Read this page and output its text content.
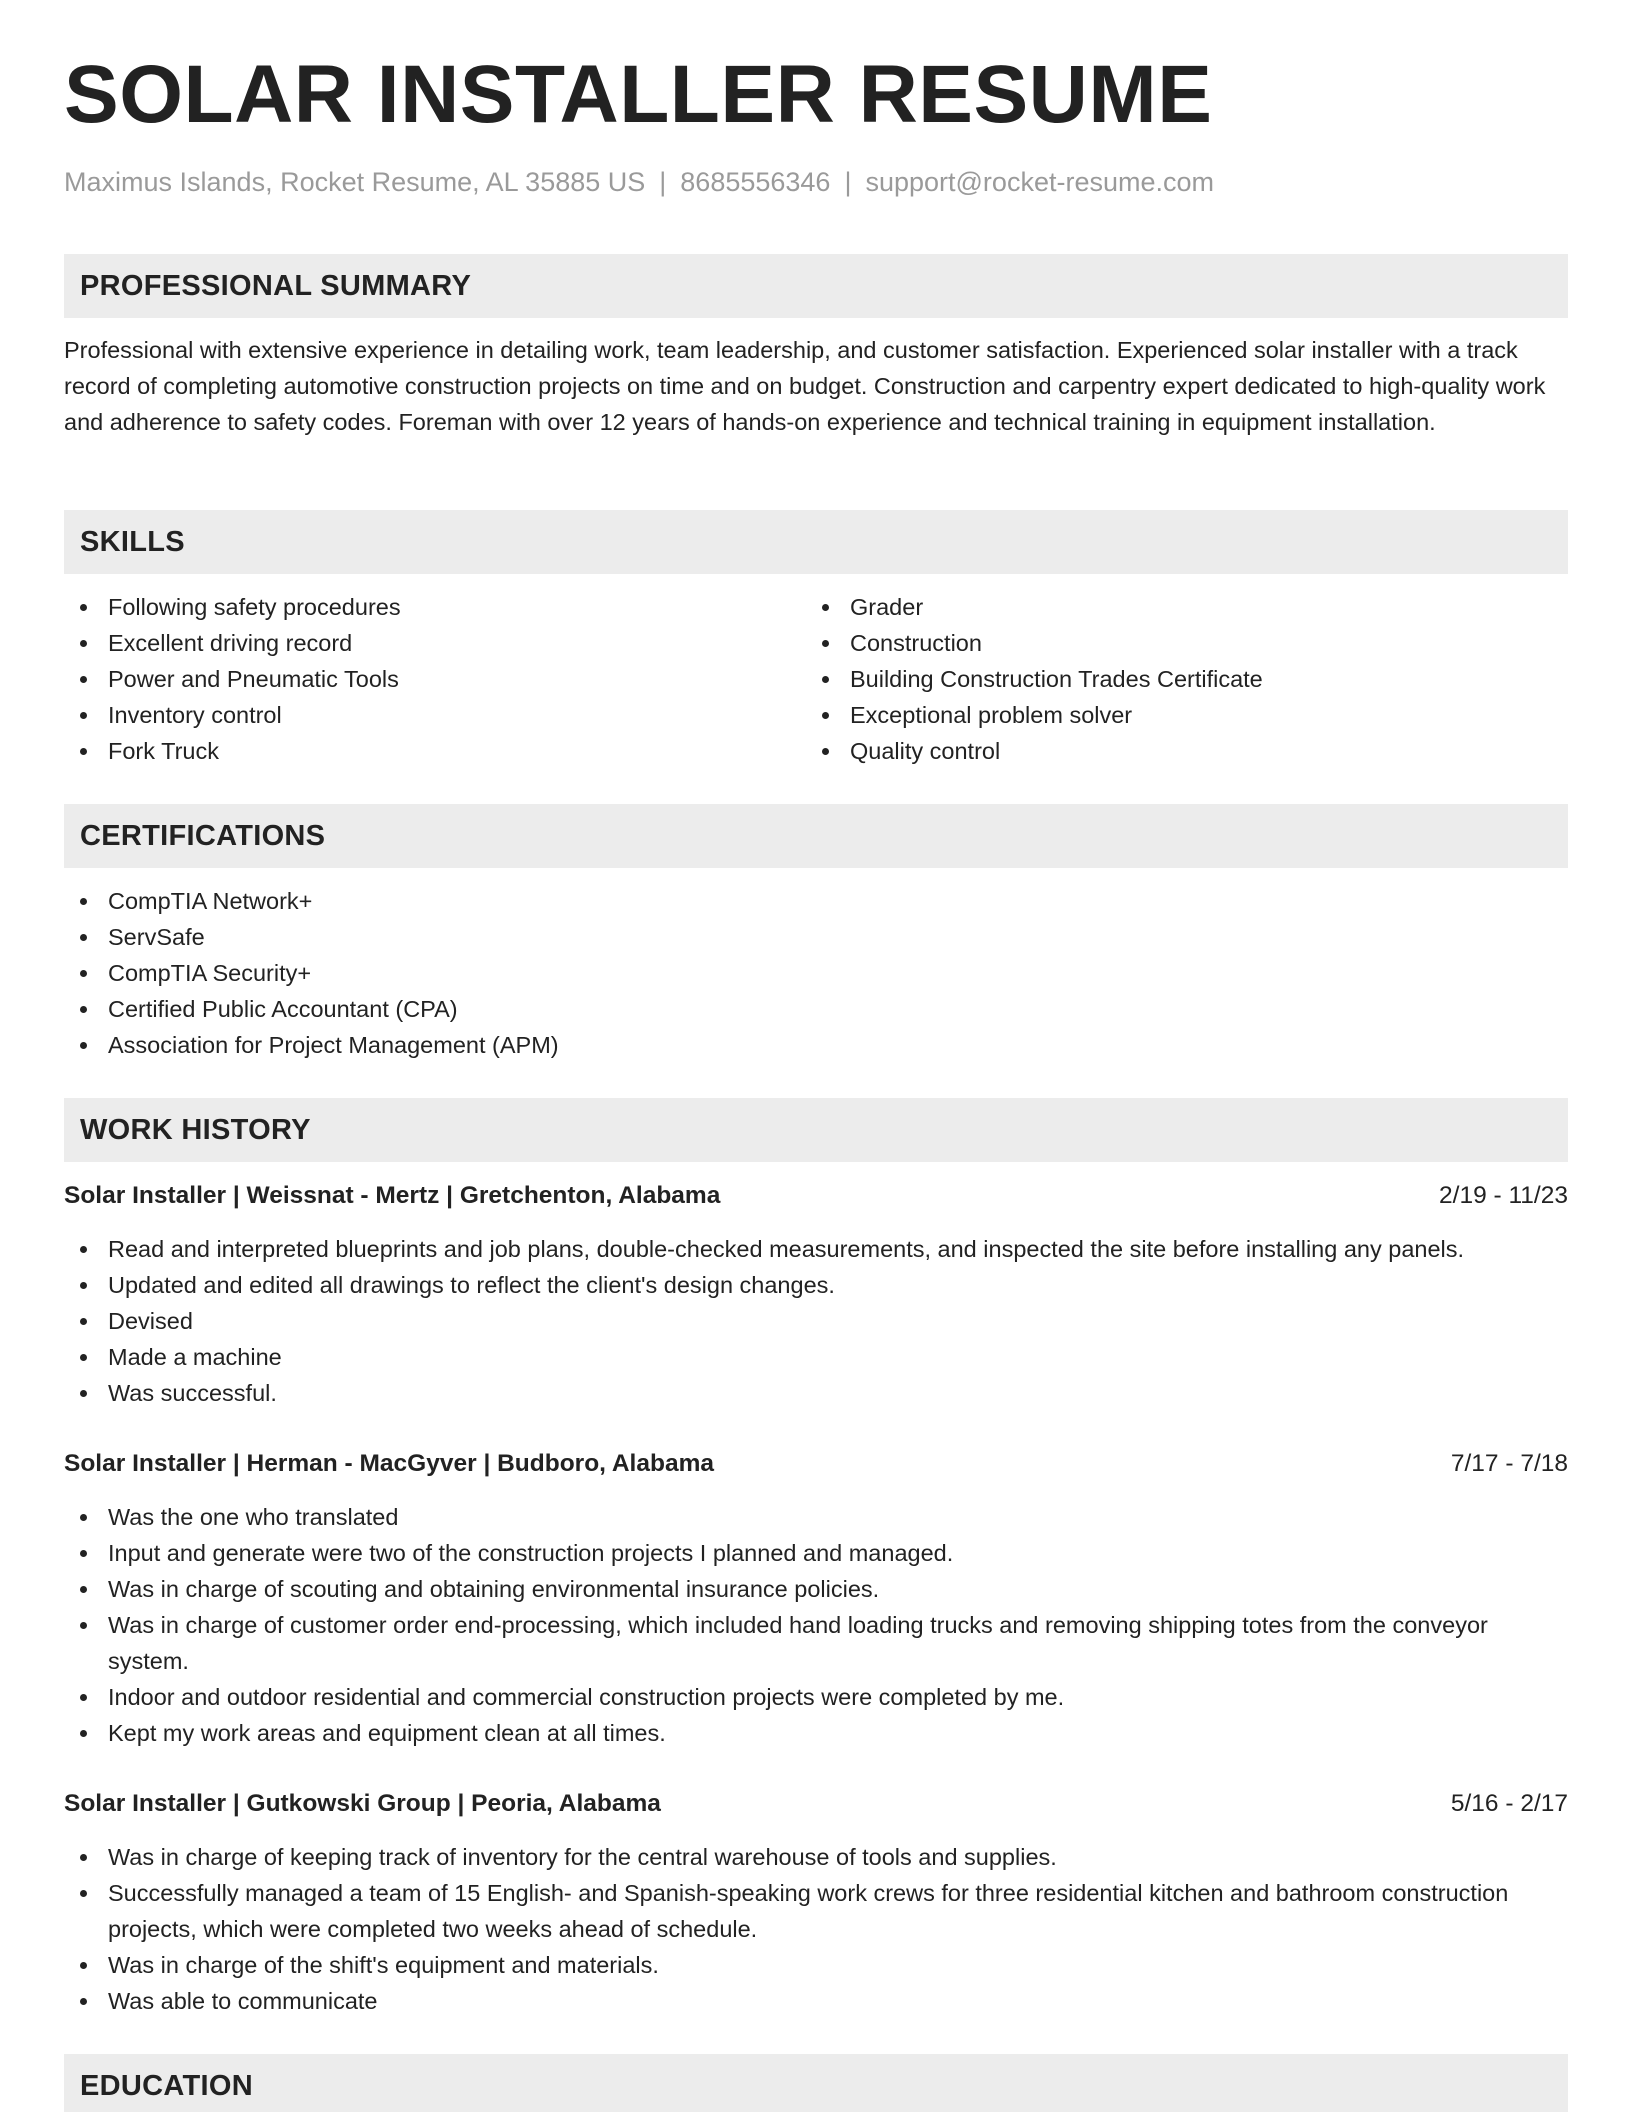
SOLAR INSTALLER RESUME
Maximus Islands, Rocket Resume, AL 35885 US | 8685556346 | support@rocket-resume.com
PROFESSIONAL SUMMARY

Professional with extensive experience in detailing work, team leadership, and customer satisfaction. Experienced solar installer with a track record of completing automotive construction projects on time and on budget. Construction and carpentry expert dedicated to high-quality work and adherence to safety codes. Foreman with over 12 years of hands-on experience and technical training in equipment installation.

SKILLS
Following safety procedures
Excellent driving record
Power and Pneumatic Tools
Inventory control
Fork Truck
Grader
Construction
Building Construction Trades Certificate
Exceptional problem solver
Quality control
CERTIFICATIONS
CompTIA Network+
ServSafe
CompTIA Security+
Certified Public Accountant (CPA)
Association for Project Management (APM)
WORK HISTORY
Solar Installer | Weissnat - Mertz | Gretchenton, Alabama	2/19 - 11/23
Read and interpreted blueprints and job plans, double-checked measurements, and inspected the site before installing any panels.
Updated and edited all drawings to reflect the client's design changes.
Devised
Made a machine
Was successful.
Solar Installer | Herman - MacGyver | Budboro, Alabama	7/17 - 7/18
Was the one who translated
Input and generate were two of the construction projects I planned and managed.
Was in charge of scouting and obtaining environmental insurance policies.
Was in charge of customer order end-processing, which included hand loading trucks and removing shipping totes from the conveyor system.
Indoor and outdoor residential and commercial construction projects were completed by me.
Kept my work areas and equipment clean at all times.
Solar Installer | Gutkowski Group | Peoria, Alabama	5/16 - 2/17
Was in charge of keeping track of inventory for the central warehouse of tools and supplies.
Successfully managed a team of 15 English- and Spanish-speaking work crews for three residential kitchen and bathroom construction projects, which were completed two weeks ahead of schedule.
Was in charge of the shift's equipment and materials.
Was able to communicate
EDUCATION
